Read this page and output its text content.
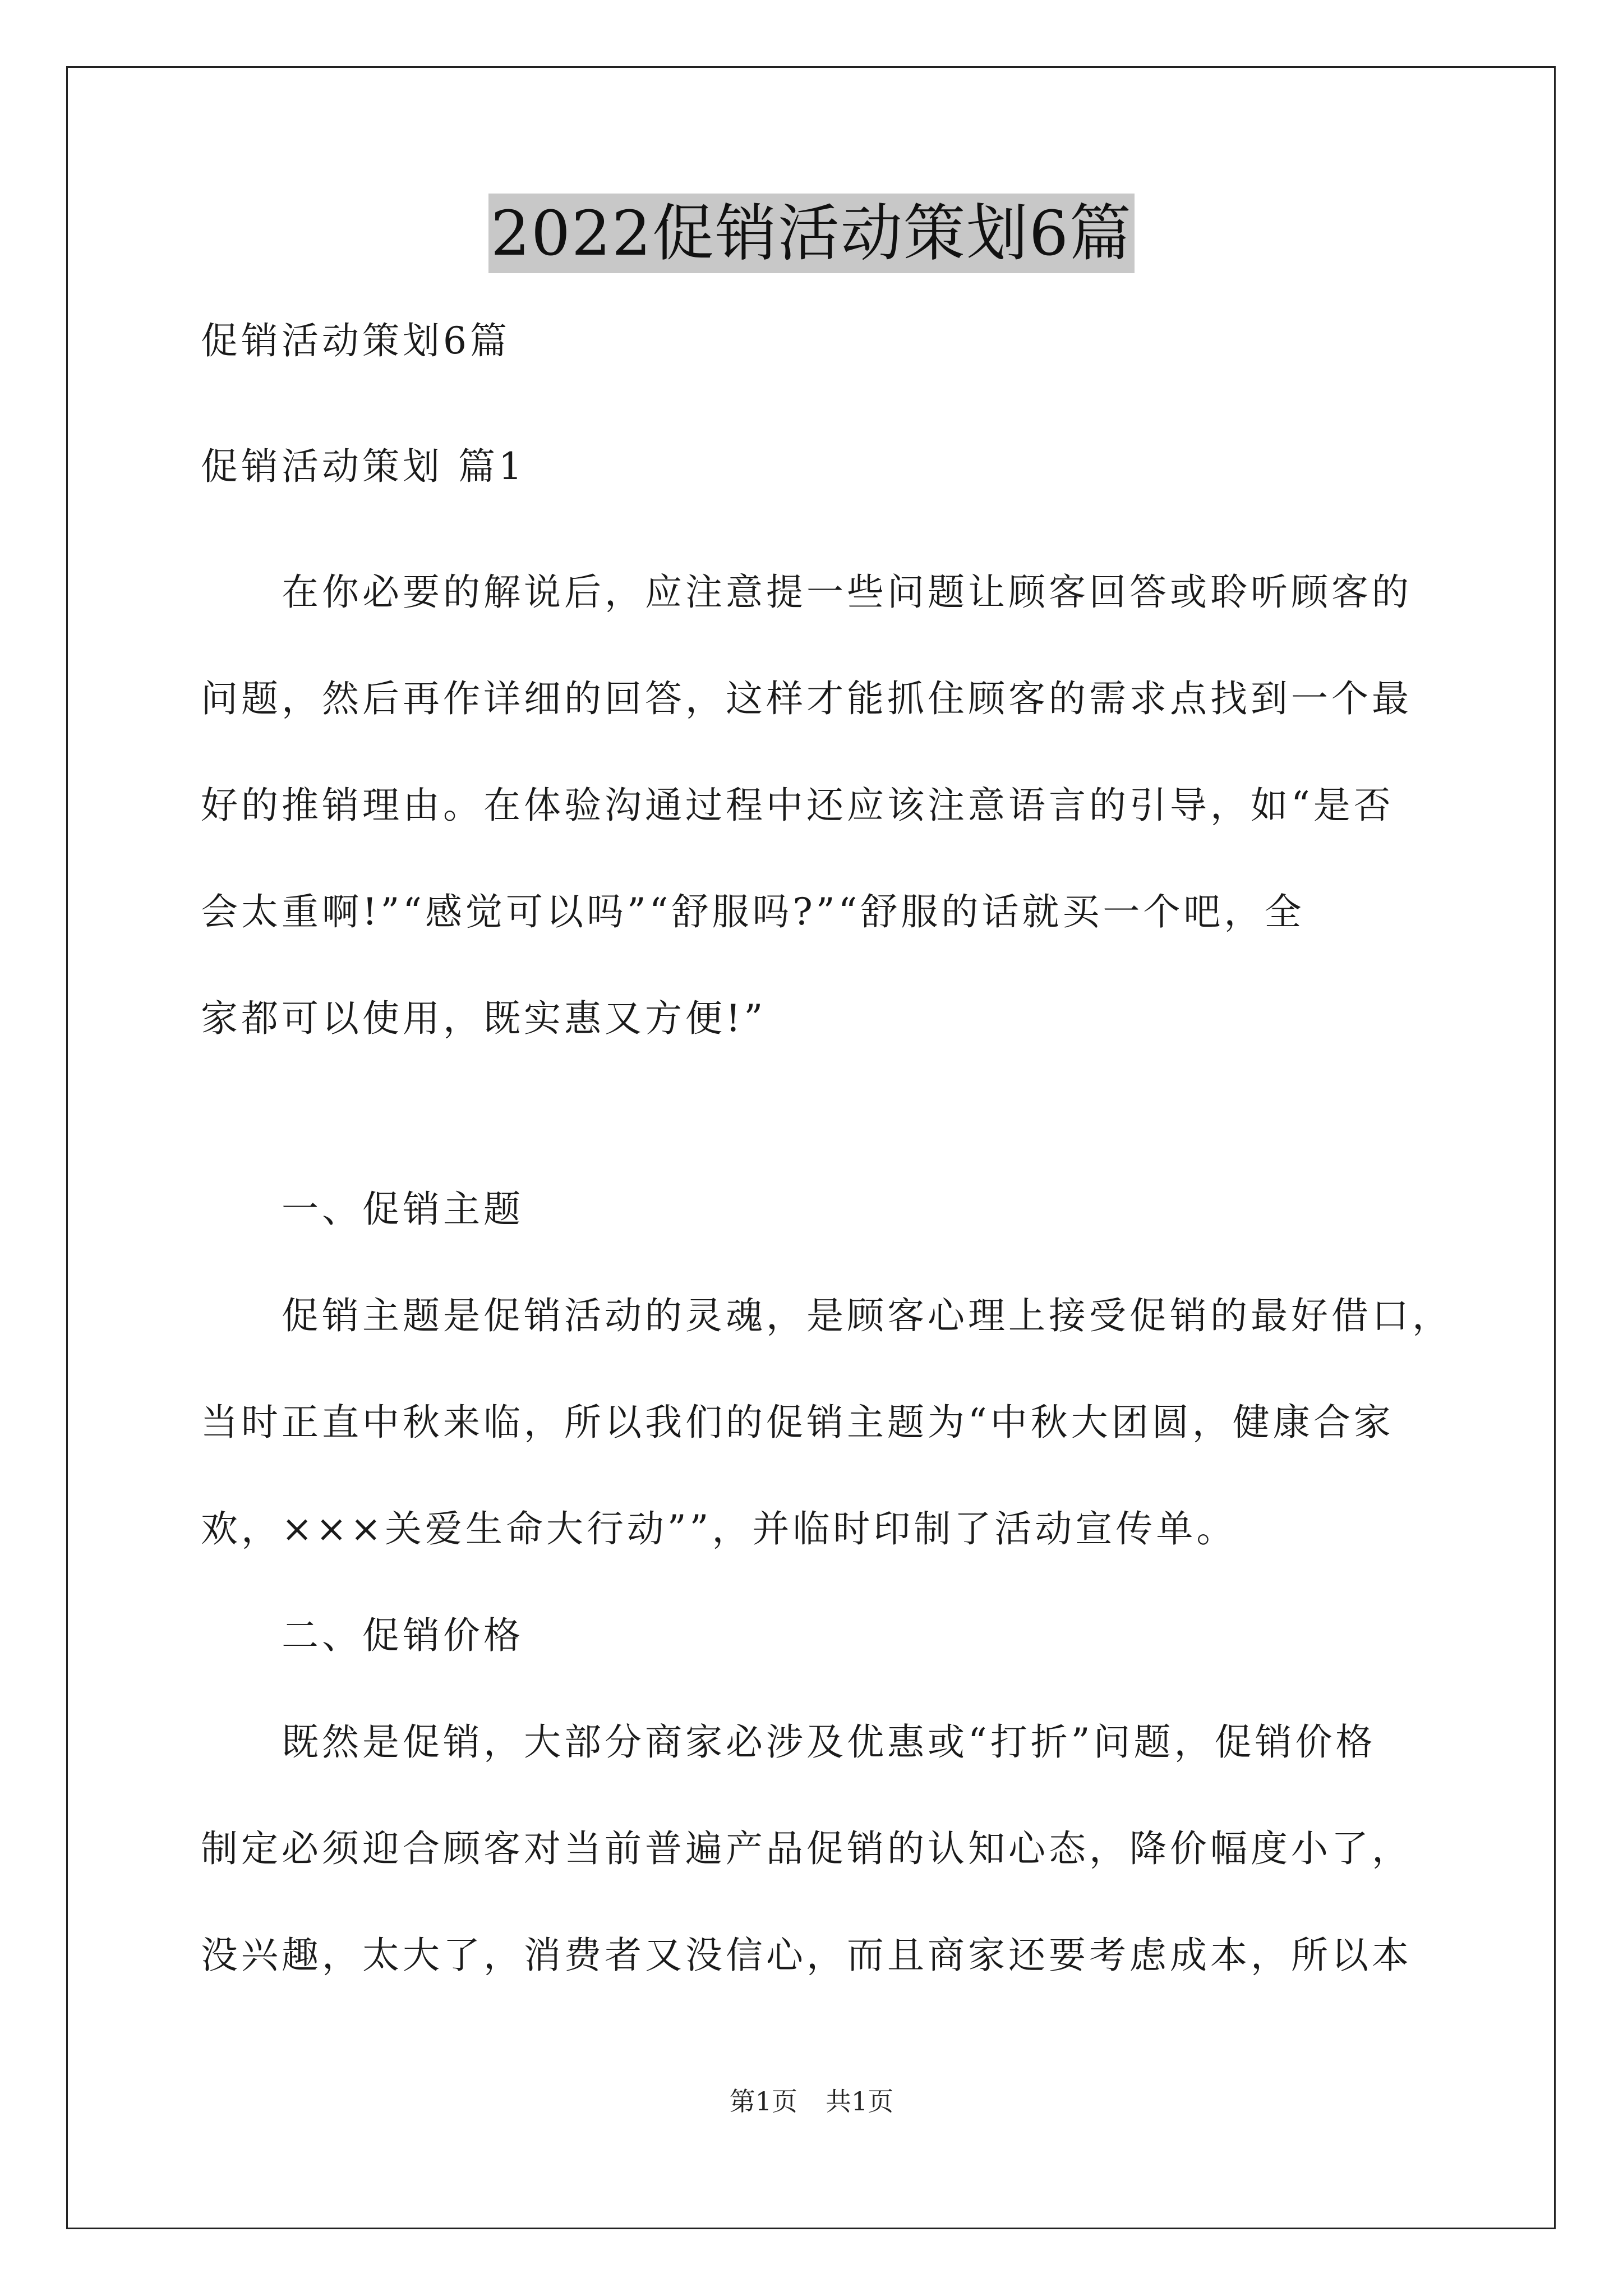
2022促销活动策划6篇
促销活动策划6篇
促销活动策划 篇1
在你必要的解说后，应注意提一些问题让顾客回答或聆听顾客的
问题，然后再作详细的回答，这样才能抓住顾客的需求点找到一个最
好的推销理由。在体验沟通过程中还应该注意语言的引导，如“是否
会太重啊!”“感觉可以吗”“舒服吗?”“舒服的话就买一个吧，全
家都可以使用，既实惠又方便!”
一、促销主题
促销主题是促销活动的灵魂，是顾客心理上接受促销的最好借口，
当时正直中秋来临，所以我们的促销主题为“中秋大团圆，健康合家
欢，×××关爱生命大行动””，并临时印制了活动宣传单。
二、促销价格
既然是促销，大部分商家必涉及优惠或“打折”问题，促销价格
制定必须迎合顾客对当前普遍产品促销的认知心态，降价幅度小了，
没兴趣，太大了，消费者又没信心，而且商家还要考虑成本，所以本
第1页 共1页
